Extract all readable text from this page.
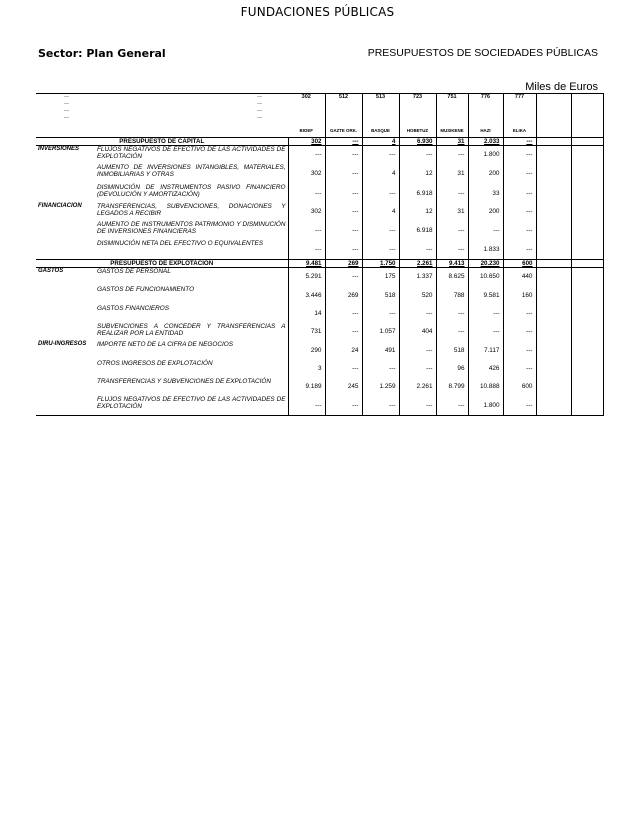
FUNDACIONES PÚBLICAS
Sector: Plan General	PRESUPUESTOS DE SOCIEDADES PÚBLICAS
Miles de Euros
—
—
—
—	—
—
—
—	302	512	513	723	751	776	777		
		BIOEF	GAZTE ORK.	BASQUE	HOBETUZ	MUSIKENE	HAZI	ELIKA		
PRESUPUESTO DE CAPITAL		302	---	4	6.930	31	2.033	---		
INVERSIONES	FLUJOS NEGATIVOS DE EFECTIVO DE LAS ACTIVIDADES DE EXPLOTACIÓN	---	---	---	---	---	1.800	---		
	AUMENTO DE INVERSIONES INTANGIBLES, MATERIALES, INMOBILIARIAS Y OTRAS	302	---	4	12	31	200	---		
	DISMINUCIÓN DE INSTRUMENTOS PASIVO FINANCIERO (DEVOLUCIÓN Y AMORTIZACIÓN)	---	---	---	6.918	---	33	---		
FINANCIACION	TRANSFERENCIAS, SUBVENCIONES, DONACIONES Y LEGADOS A RECIBIR	302	---	4	12	31	200	---		
	AUMENTO DE INSTRUMENTOS PATRIMONIO Y DISMINUCIÓN DE INVERSIONES FINANCIERAS	---	---	---	6.918	---	---	---		
	DISMINUCIÓN NETA DEL EFECTIVO O EQUIVALENTES	---	---	---	---	---	1.833	---		
PRESUPUESTO DE EXPLOTACIÓN		9.481	269	1.750	2.261	9.413	20.230	600		
GASTOS	GASTOS DE PERSONAL	5.291	---	175	1.337	8.625	10.650	440		
	GASTOS DE FUNCIONAMIENTO	3.446	269	518	520	788	9.581	160		
	GASTOS FINANCIEROS	14	---	---	---	---	---	---		
	SUBVENCIONES A CONCEDER Y TRANSFERENCIAS A REALIZAR POR LA ENTIDAD	731	---	1.057	404	---	---	---		
DIRU-INGRESOS	IMPORTE NETO DE LA CIFRA DE NEGOCIOS	290	24	491	---	518	7.117	---		
	OTROS INGRESOS DE EXPLOTACIÓN	3	---	---	---	96	426	---		
	TRANSFERENCIAS Y SUBVENCIONES DE EXPLOTACIÓN	9.189	245	1.259	2.261	8.799	10.888	600		
	FLUJOS NEGATIVOS DE EFECTIVO DE LAS ACTIVIDADES DE EXPLOTACIÓN	---	---	---	---	---	1.800	---		
